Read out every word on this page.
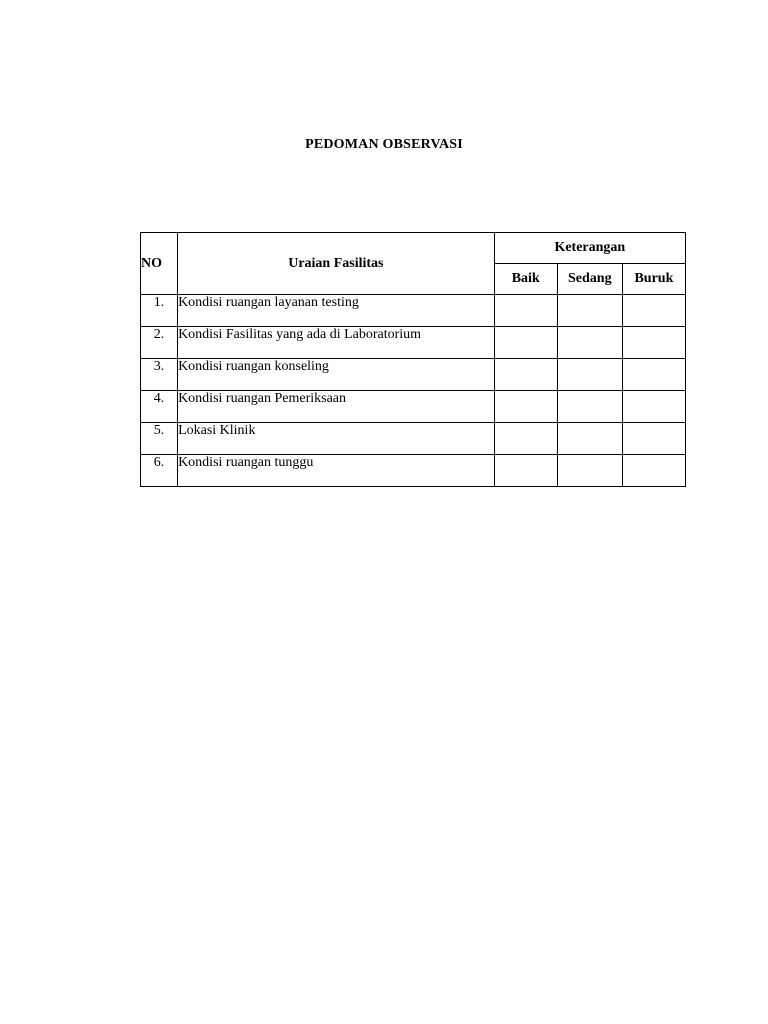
PEDOMAN OBSERVASI
NO	Uraian Fasilitas	Keterangan		
		Baik	Sedang	Buruk
1.	Kondisi ruangan layanan testing			
2.	Kondisi Fasilitas yang ada di Laboratorium			
3.	Kondisi ruangan konseling			
4.	Kondisi ruangan Pemeriksaan			
5.	Lokasi Klinik			
6.	Kondisi ruangan tunggu			
